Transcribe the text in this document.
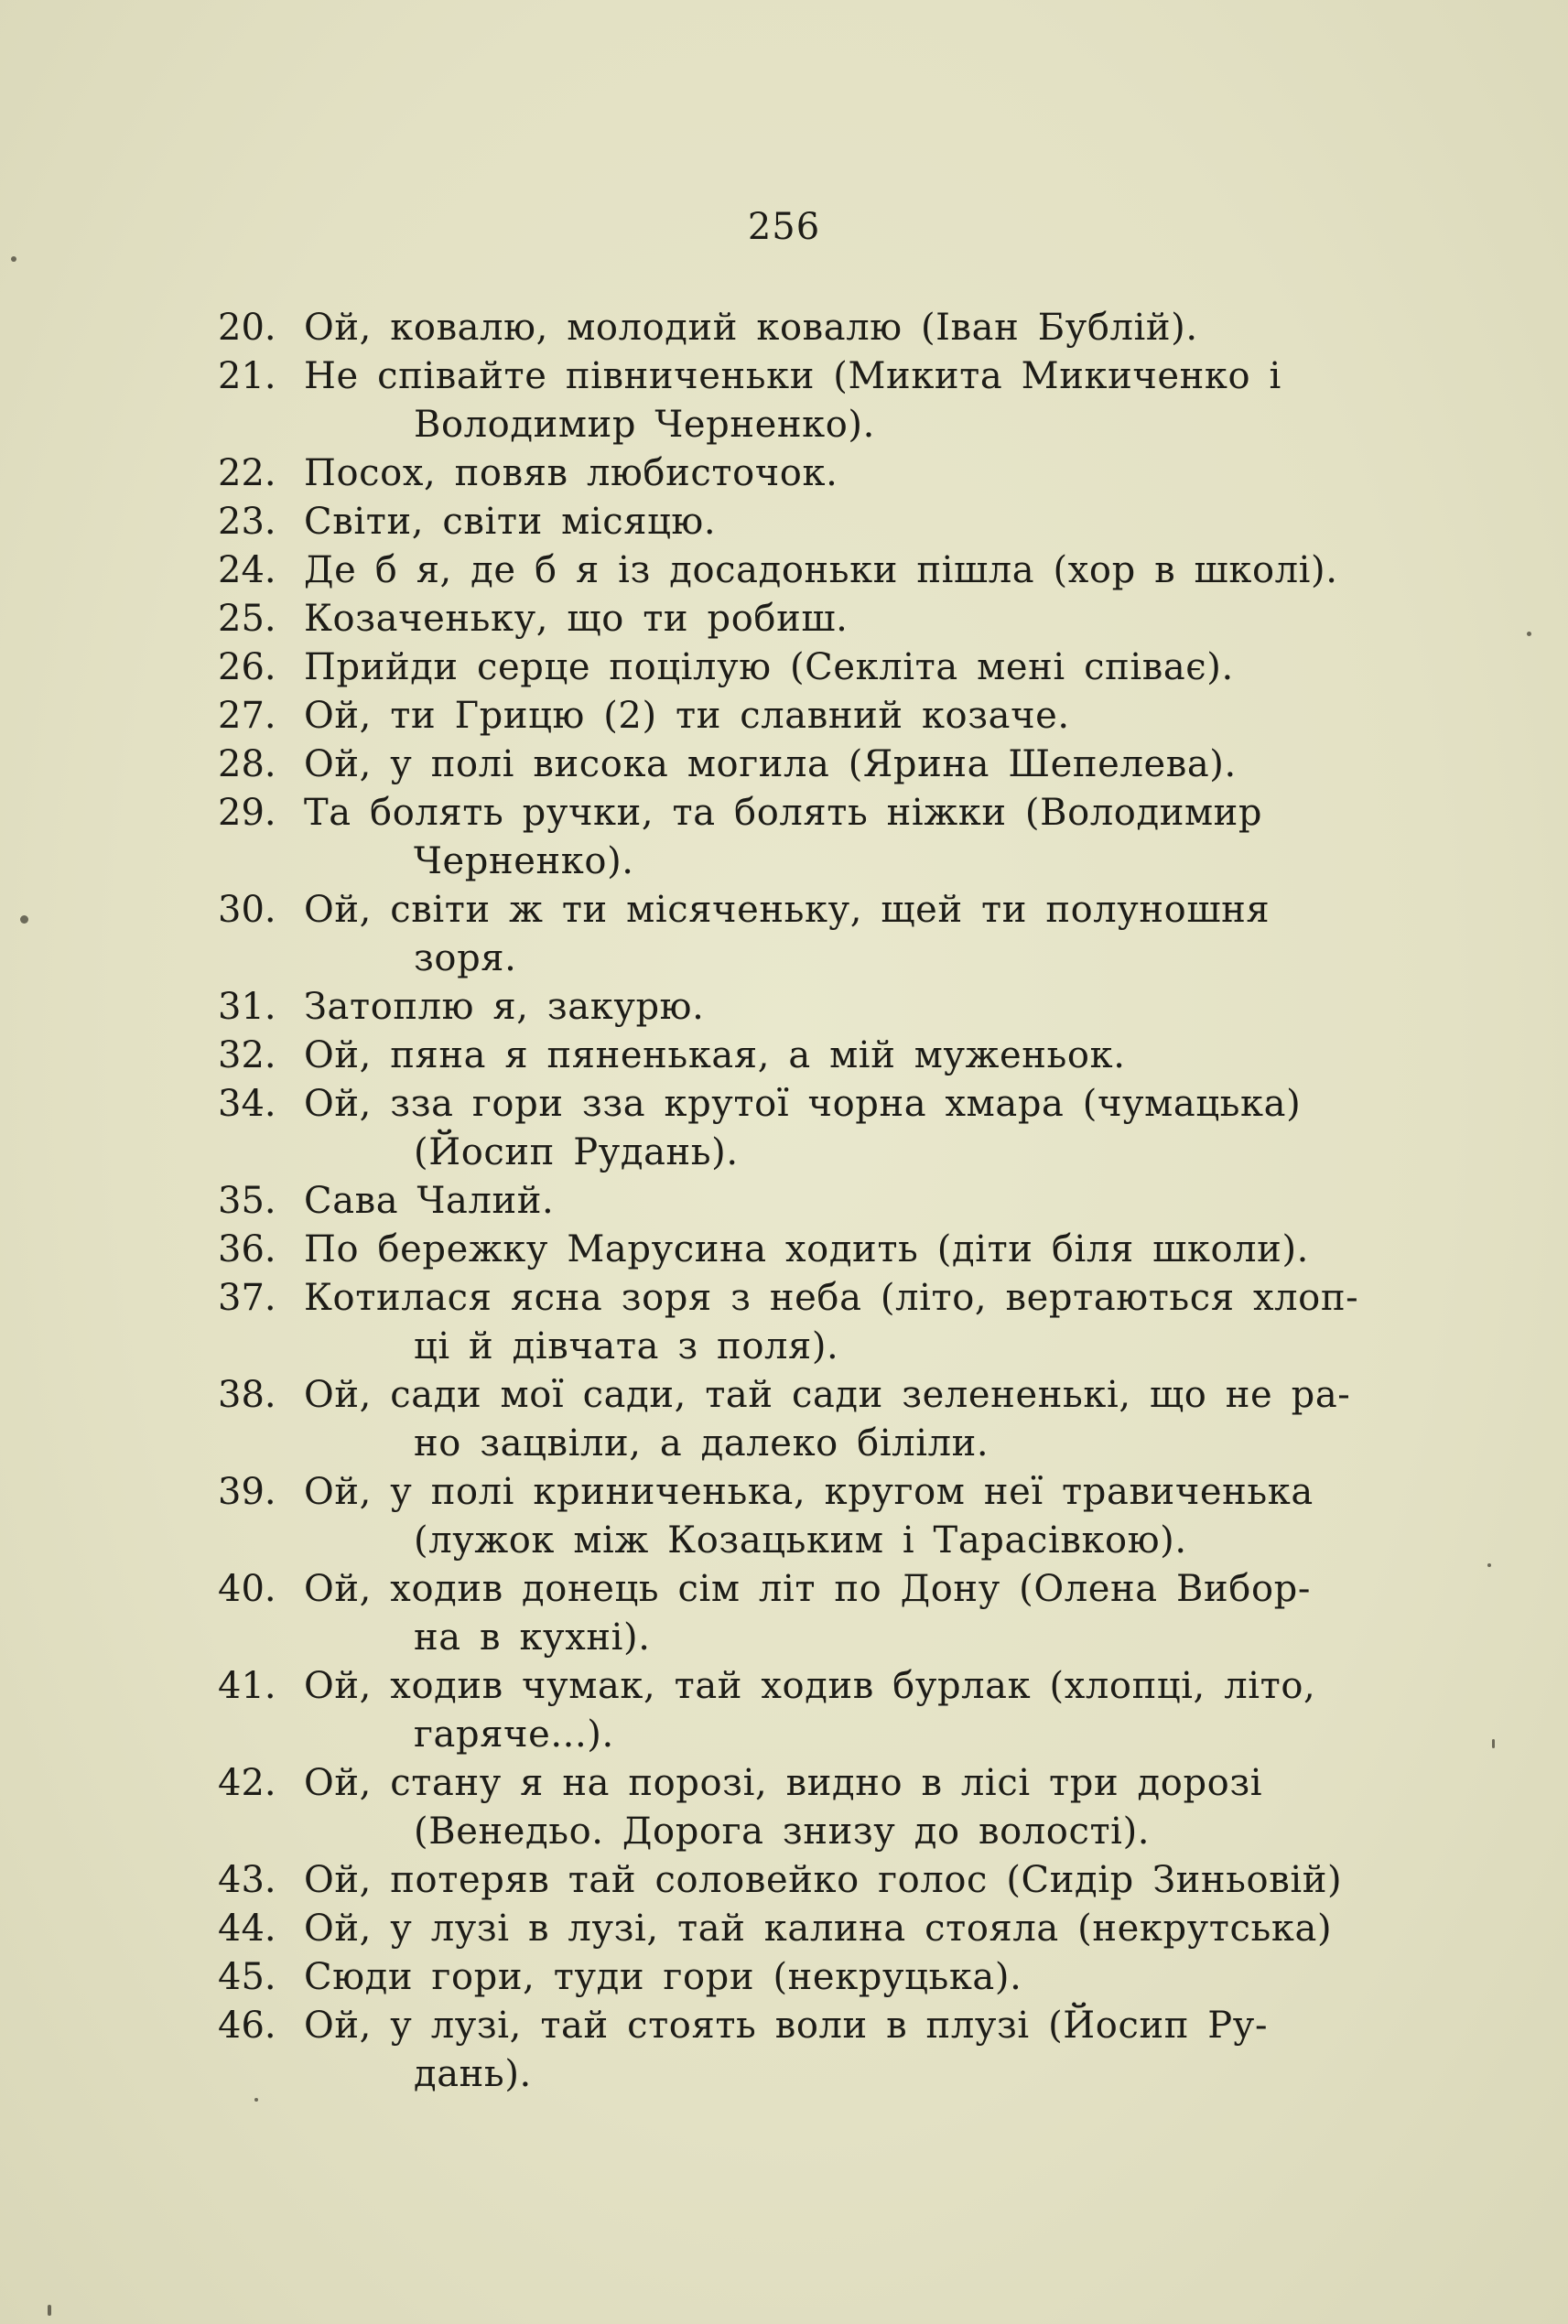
256
20. Ой, ковалю, молодий ковалю (Іван Бублій).
21. Не співайте півниченьки (Микита Микиченко і
Володимир Черненко).
22. Посох, повяв любисточок.
23. Світи, світи місяцю.
24. Де б я, де б я із досадоньки пішла (хор в школі).
25. Козаченьку, що ти робиш.
26. Прийди серце поцілую (Секліта мені співає).
27. Ой, ти Грицю (2) ти славний козаче.
28. Ой, у полі висока могила (Ярина Шепелева).
29. Та болять ручки, та болять ніжки (Володимир
Черненко).
30. Ой, світи ж ти місяченьку, щей ти полуношня
зоря.
31. Затоплю я, закурю.
32. Ой, пяна я пяненькая, а мій муженьок.
34. Ой, зза гори зза крутої чорна хмара (чумацька)
(Йосип Рудань).
35. Сава Чалий.
36. По бережку Марусина ходить (діти біля школи).
37. Котилася ясна зоря з неба (літо, вертаються хлоп-
ці й дівчата з поля).
38. Ой, сади мої сади, тай сади зелененькі, що не ра-
но зацвіли, а далеко біліли.
39. Ой, у полі криниченька, кругом неї травиченька
(лужок між Козацьким і Тарасівкою).
40. Ой, ходив донець сім літ по Дону (Олена Вибор-
на в кухні).
41. Ой, ходив чумак, тай ходив бурлак (хлопці, літо,
гаряче...).
42. Ой, стану я на порозі, видно в лісі три дорозі
(Венедьо. Дорога знизу до волості).
43. Ой, потеряв тай соловейко голос (Сидір Зиньовій)
44. Ой, у лузі в лузі, тай калина стояла (некрутська)
45. Сюди гори, туди гори (некруцька).
46. Ой, у лузі, тай стоять воли в плузі (Йосип Ру-
дань).
